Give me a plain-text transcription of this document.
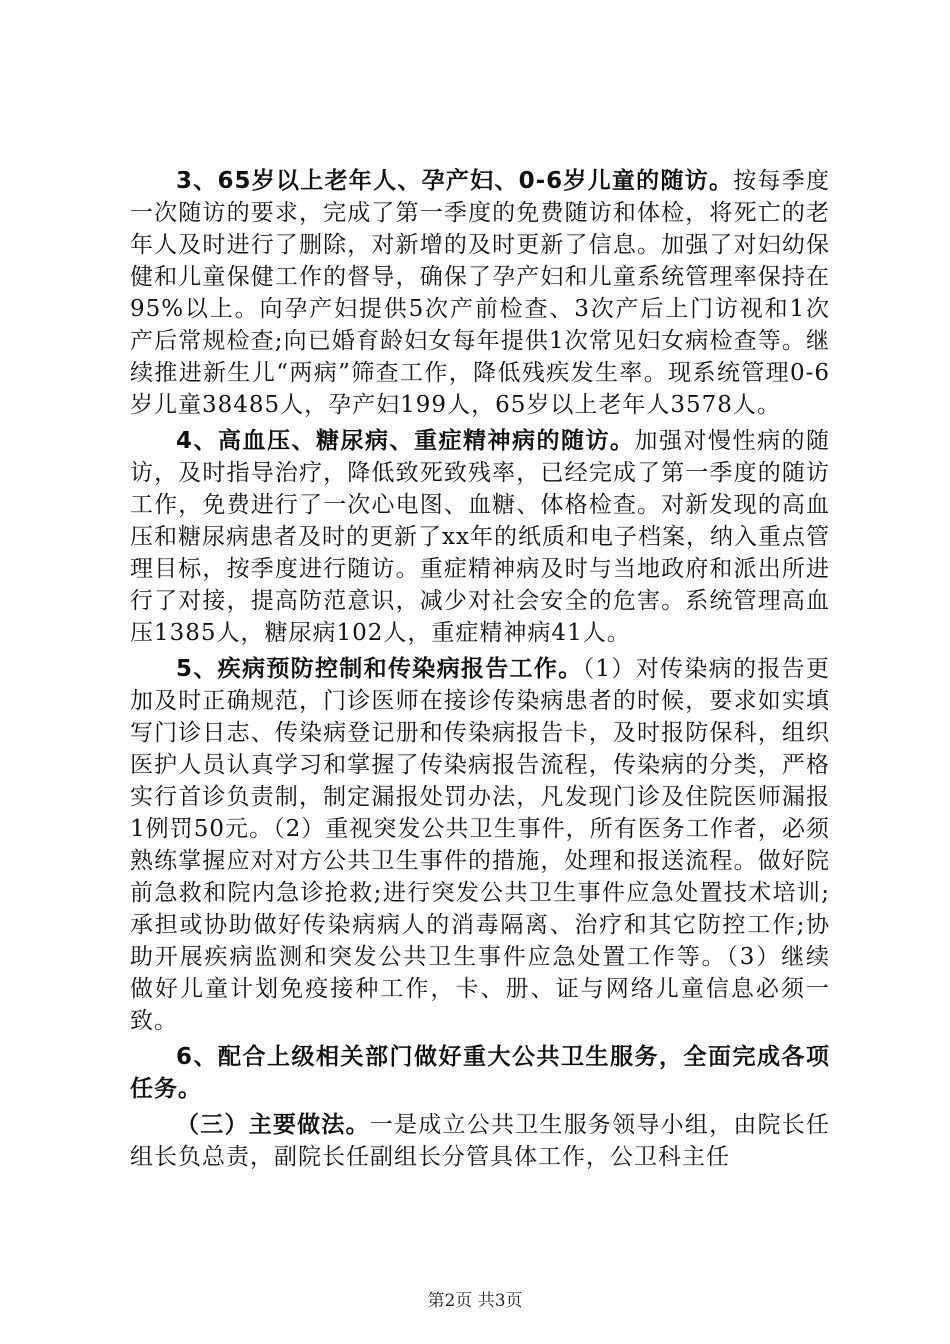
3、65岁以上老年人、孕产妇、0-6岁儿童的随访。按每季度一次随访的要求，完成了第一季度的免费随访和体检，将死亡的老年人及时进行了删除，对新增的及时更新了信息。加强了对妇幼保健和儿童保健工作的督导，确保了孕产妇和儿童系统管理率保持在95%以上。向孕产妇提供5次产前检查、3次产后上门访视和1次产后常规检查;向已婚育龄妇女每年提供1次常见妇女病检查等。继续推进新生儿“两病”筛查工作，降低残疾发生率。现系统管理0-6岁儿童38485人，孕产妇199人，65岁以上老年人3578人。

4、高血压、糖尿病、重症精神病的随访。加强对慢性病的随访，及时指导治疗，降低致死致残率，已经完成了第一季度的随访工作，免费进行了一次心电图、血糖、体格检查。对新发现的高血压和糖尿病患者及时的更新了xx年的纸质和电子档案，纳入重点管理目标，按季度进行随访。重症精神病及时与当地政府和派出所进行了对接，提高防范意识，减少对社会安全的危害。系统管理高血压1385人，糖尿病102人，重症精神病41人。

5、疾病预防控制和传染病报告工作。（1）对传染病的报告更加及时正确规范，门诊医师在接诊传染病患者的时候，要求如实填写门诊日志、传染病登记册和传染病报告卡，及时报防保科，组织医护人员认真学习和掌握了传染病报告流程，传染病的分类，严格实行首诊负责制，制定漏报处罚办法，凡发现门诊及住院医师漏报1例罚50元。（2）重视突发公共卫生事件，所有医务工作者，必须熟练掌握应对对方公共卫生事件的措施，处理和报送流程。做好院前急救和院内急诊抢救;进行突发公共卫生事件应急处置技术培训;承担或协助做好传染病病人的消毒隔离、治疗和其它防控工作;协助开展疾病监测和突发公共卫生事件应急处置工作等。（3）继续做好儿童计划免疫接种工作，卡、册、证与网络儿童信息必须一致。

6、配合上级相关部门做好重大公共卫生服务，全面完成各项任务。

（三）主要做法。一是成立公共卫生服务领导小组，由院长任组长负总责，副院长任副组长分管具体工作，公卫科主任

第2页 共3页
